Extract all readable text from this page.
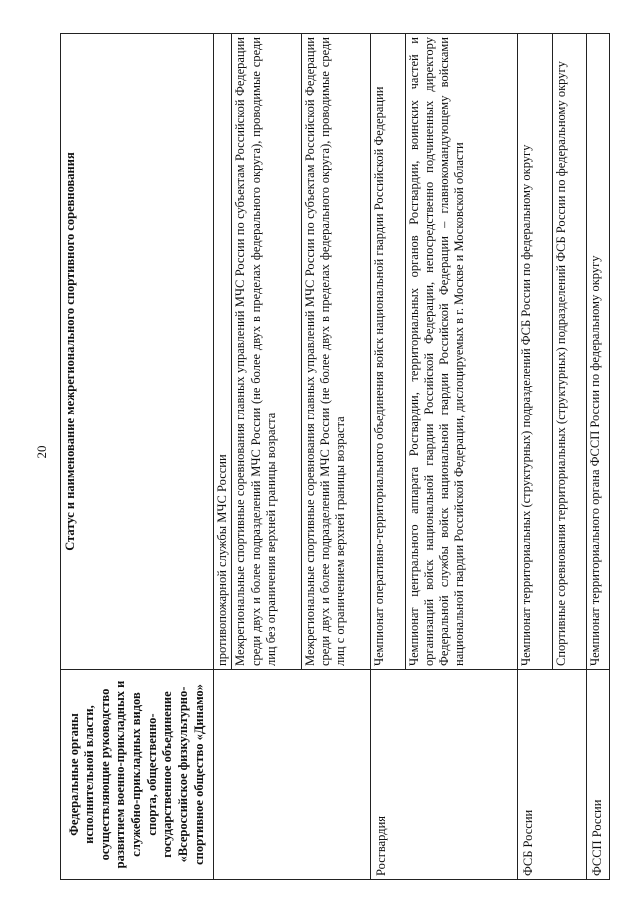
20
Федеральные органы исполнительной власти, осуществляющие руководство развитием военно-прикладных и служебно-прикладных видов спорта, общественно-государственное объединение «Всероссийское физкультурно-спортивное общество «Динамо»	Статус и наименование межрегионального спортивного соревнования
	противопожарной службы МЧС России
	Межрегиональные спортивные соревнования главных управлений МЧС России по субъектам Российской Федерации среди двух и более подразделений МЧС России (не более двух в пределах федерального округа), проводимые среди лиц без ограничения верхней границы возраста
	Межрегиональные спортивные соревнования главных управлений МЧС России по субъектам Российской Федерации среди двух и более подразделений МЧС России (не более двух в пределах федерального округа), проводимые среди лиц с ограничением верхней границы возраста
Росгвардия	Чемпионат оперативно-территориального объединения войск национальной гвардии Российской Федерации
	Чемпионат центрального аппарата Росгвардии, территориальных органов Росгвардии, воинских частей и организаций войск национальной гвардии Российской Федерации, непосредственно подчиненных директору Федеральной службы войск национальной гвардии Российской Федерации – главнокомандующему войсками национальной гвардии Российской Федерации, дислоцируемых в г. Москве и Московской области
ФСБ России	Чемпионат территориальных (структурных) подразделений ФСБ России по федеральному округу
	Спортивные соревнования территориальных (структурных) подразделений ФСБ России по федеральному округу
ФССП России	Чемпионат территориального органа ФССП России по федеральному округу
